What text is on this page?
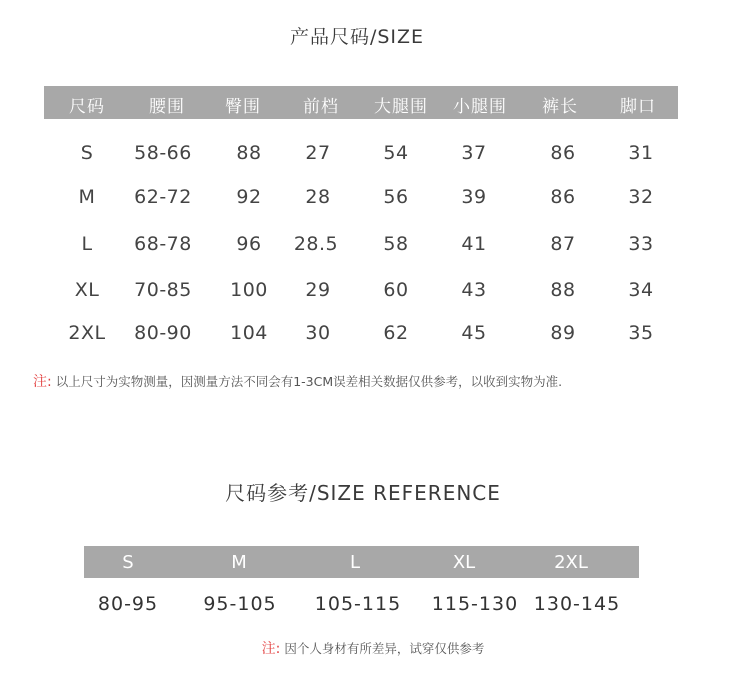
产品尺码/SIZE
尺码	腰围	臀围	前档	大腿围	小腿围	裤长	脚口
S	58-66	88	27	54	37	86	31
M	62-72	92	28	56	39	86	32
L	68-78	96	28.5	58	41	87	33
XL	70-85	100	29	60	43	88	34
2XL	80-90	104	30	62	45	89	35
注: 以上尺寸为实物测量，因测量方法不同会有1-3CM误差相关数据仅供参考，以收到实物为准.
尺码参考/SIZE REFERENCE
S	M	L	XL	2XL
80-95	95-105	105-115	115-130 130-145
注: 因个人身材有所差异，试穿仅供参考
